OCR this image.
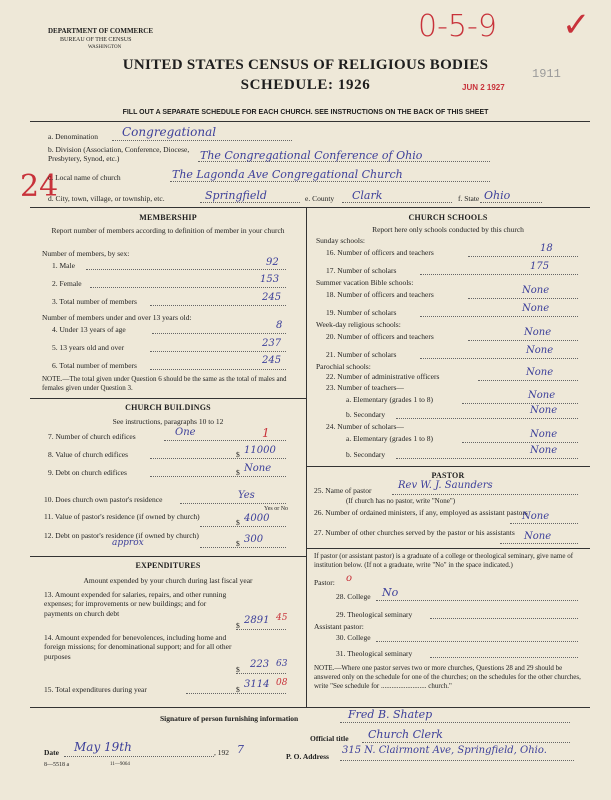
DEPARTMENT OF COMMERCE
BUREAU OF THE CENSUS
WASHINGTON
0-5-9 ✓
1911
JUN 2 1927
UNITED STATES CENSUS OF RELIGIOUS BODIES
SCHEDULE: 1926
FILL OUT A SEPARATE SCHEDULE FOR EACH CHURCH. SEE INSTRUCTIONS ON THE BACK OF THIS SHEET
24
a. Denomination Congregational
b. Division (Association, Conference, Diocese, Presbytery, Synod, etc.)	The Congregational Conference of Ohio
c. Local name of church	The Lagonda Ave Congregational Church
d. City, town, village, or township, etc.	Springfield	e. County Clark	f. State Ohio
MEMBERSHIP
Report number of members according to definition of member in your church
Number of members, by sex:
1. Male	92
2. Female	153
3. Total number of members	245
Number of members under and over 13 years old:
4. Under 13 years of age	8
5. 13 years old and over	237
6. Total number of members	245
NOTE.—The total given under Question 6 should be the same as the total of males and females given under Question 3.
CHURCH BUILDINGS
See instructions, paragraphs 10 to 12
7. Number of church edifices	One	1
8. Value of church edifices	$ 11000
9. Debt on church edifices	$ None
10. Does church own pastor's residence	Yes
Yes or No
11. Value of pastor's residence (if owned by church)
$ 4000
12. Debt on pastor's residence (if owned by church)
approx	$ 300
EXPENDITURES
Amount expended by your church during last fiscal year
13. Amount expended for salaries, repairs, and other running expenses; for improvements or new buildings; and for payments on church debt
$ 2891 45
14. Amount expended for benevolences, including home and foreign missions; for denominational support; and for all other purposes
$ 223 63
15. Total expenditures during year	$ 3114 08
CHURCH SCHOOLS
Report here only schools conducted by this church
Sunday schools:
16. Number of officers and teachers	18
17. Number of scholars	175
Summer vacation Bible schools:
18. Number of officers and teachers	None
19. Number of scholars	None
Week-day religious schools:
20. Number of officers and teachers	None
21. Number of scholars	None
Parochial schools:
22. Number of administrative officers	None
23. Number of teachers—
a. Elementary (grades 1 to 8)	None
b. Secondary	None
24. Number of scholars—
a. Elementary (grades 1 to 8)	None
b. Secondary	None
PASTOR
25. Name of pastor	Rev W. J. Saunders
(If church has no pastor, write "None")
26. Number of ordained ministers, if any, employed as assistant pastors
None
27. Number of other churches served by the pastor or his assistants None
If pastor (or assistant pastor) is a graduate of a college or theological seminary, give name of institution below. (If not a graduate, write "No" in the space indicated.)
Pastor: o
28. College No
29. Theological seminary
Assistant pastor:
30. College
31. Theological seminary
NOTE.—Where one pastor serves two or more churches, Questions 28 and 29 should be answered only on the schedule for one of the churches; on the schedules for the other churches, write "See schedule for .......................... church."
Signature of person furnishing information	Fred B. Shatep
Official title Church Clerk
Date May 19th	, 192 7
8—5518 a	11—9064
P. O. Address
315 N. Clairmont Ave, Springfield, Ohio.
